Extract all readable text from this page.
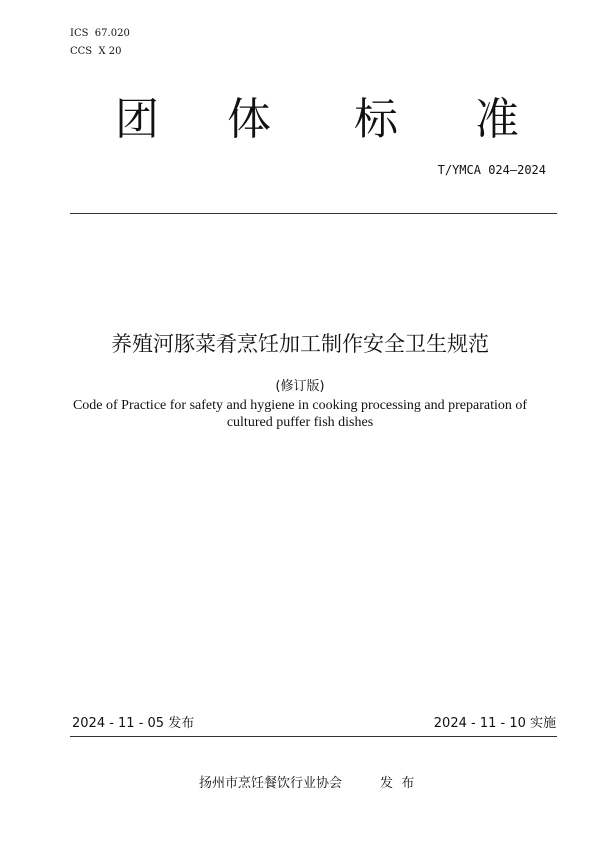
ICS  67.020
CCS  X 20
团 体 标 准
T/YMCA 024—2024
养殖河豚菜肴烹饪加工制作安全卫生规范
(修订版)
Code of Practice for safety and hygiene in cooking processing and preparation of cultured puffer fish dishes
2024 - 11 - 05 发布	2024 - 11 - 10 实施
扬州市烹饪餐饮行业协会	发  布
